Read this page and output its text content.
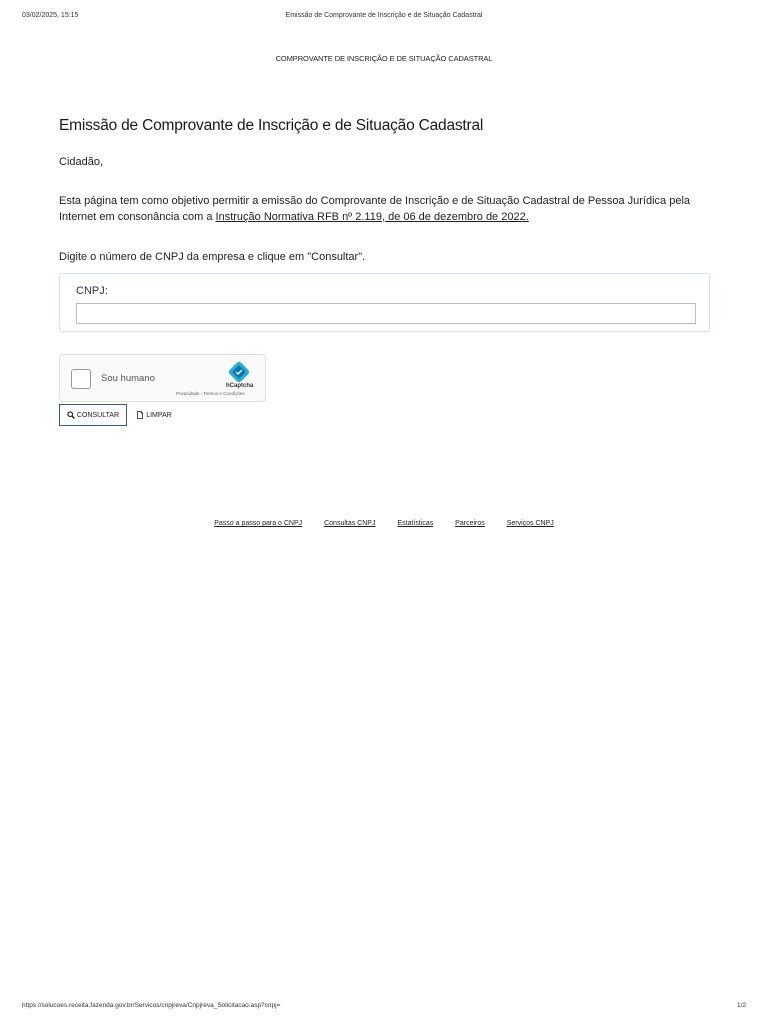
03/02/2025, 15:15	Emissão de Comprovante de Inscrição e de Situação Cadastral
COMPROVANTE DE INSCRIÇÃO E DE SITUAÇÃO CADASTRAL
Emissão de Comprovante de Inscrição e de Situação Cadastral

Cidadão,

Esta página tem como objetivo permitir a emissão do Comprovante de Inscrição e de Situação Cadastral de Pessoa Jurídica pela Internet em consonância com a Instrução Normativa RFB nº 2.119, de 06 de dezembro de 2022.

Digite o número de CNPJ da empresa e clique em "Consultar".

CNPJ:
Sou humano
hCaptcha
Privacidade - Termos e Condições
CONSULTAR	LIMPAR
Passo a passo para o CNPJ	Consultas CNPJ	Estatísticas	Parceiros	Serviços CNPJ
https://solucoes.receita.fazenda.gov.br/Servicos/cnpjreva/Cnpjreva_Solicitacao.asp?cnpj=	1/2
